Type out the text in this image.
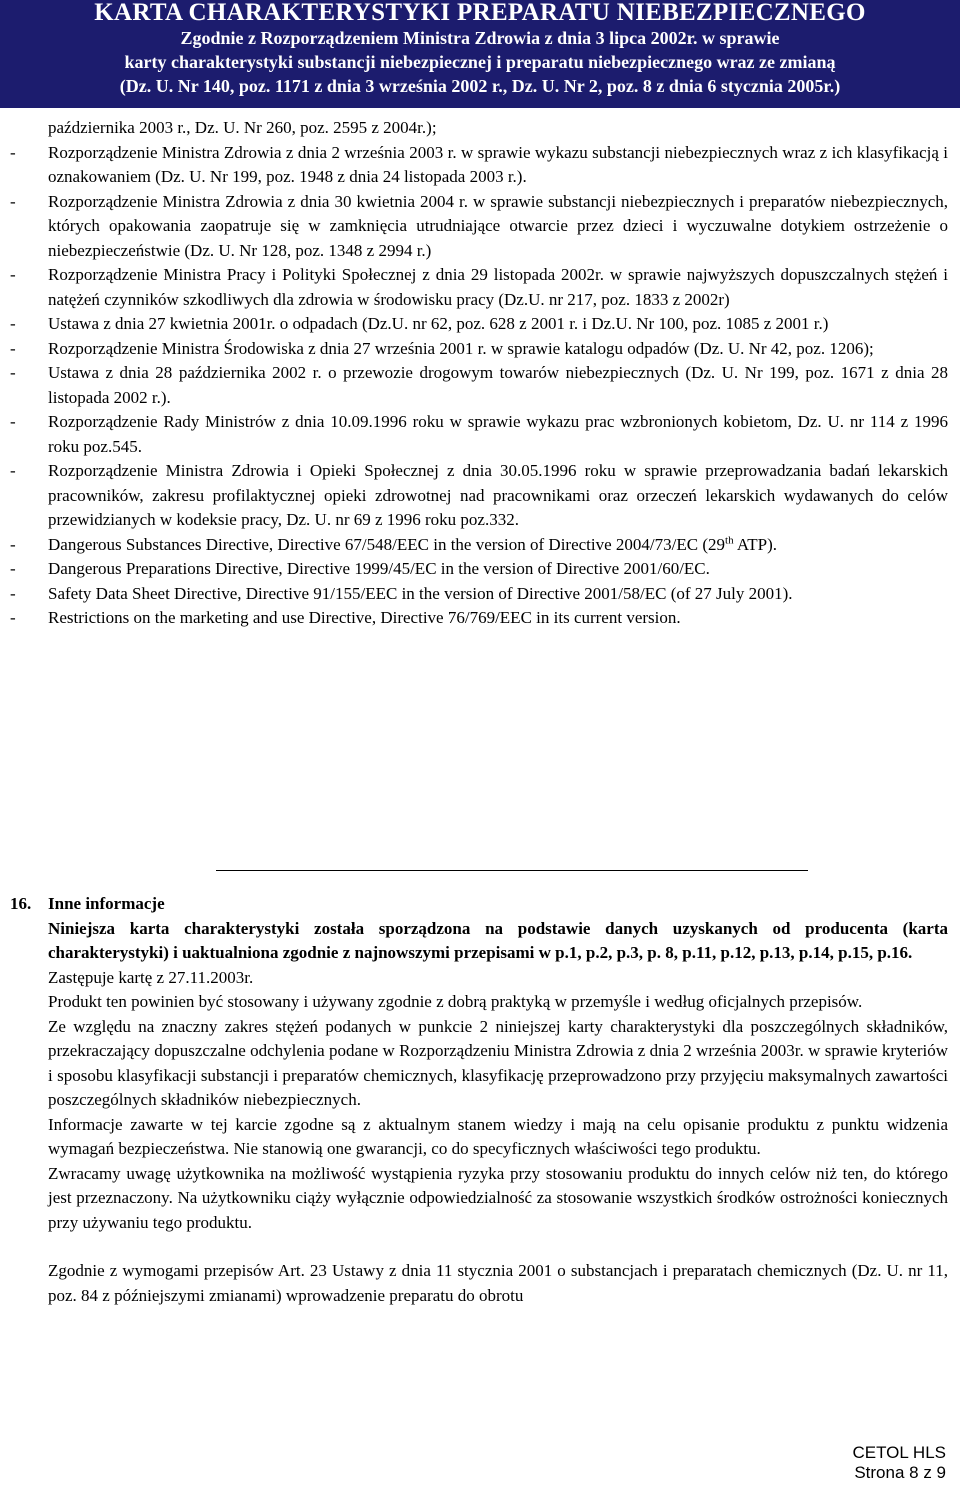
KARTA CHARAKTERYSTYKI PREPARATU NIEBEZPIECZNEGO
Zgodnie z Rozporządzeniem Ministra Zdrowia z dnia 3 lipca 2002r. w sprawie
karty charakterystyki substancji niebezpiecznej i preparatu niebezpiecznego wraz ze zmianą
(Dz. U. Nr 140, poz. 1171 z dnia 3 września 2002 r., Dz. U. Nr 2, poz. 8 z dnia 6 stycznia 2005r.)
października 2003 r., Dz. U. Nr 260, poz. 2595 z 2004r.);
- Rozporządzenie Ministra Zdrowia z dnia 2 września 2003 r. w sprawie wykazu substancji niebezpiecznych wraz z ich klasyfikacją i oznakowaniem (Dz. U. Nr 199, poz. 1948 z dnia 24 listopada 2003 r.).
- Rozporządzenie Ministra Zdrowia z dnia 30 kwietnia 2004 r. w sprawie substancji niebezpiecznych i preparatów niebezpiecznych, których opakowania zaopatruje się w zamknięcia utrudniające otwarcie przez dzieci i wyczuwalne dotykiem ostrzeżenie o niebezpieczeństwie (Dz. U. Nr 128, poz. 1348 z 2994 r.)
- Rozporządzenie Ministra Pracy i Polityki Społecznej z dnia 29 listopada 2002r. w sprawie najwyższych dopuszczalnych stężeń i natężeń czynników szkodliwych dla zdrowia w środowisku pracy (Dz.U. nr 217, poz. 1833 z 2002r)
- Ustawa z dnia 27 kwietnia 2001r. o odpadach (Dz.U. nr 62, poz. 628 z 2001 r. i Dz.U. Nr 100, poz. 1085 z 2001 r.)
- Rozporządzenie Ministra Środowiska z dnia 27 września 2001 r. w sprawie katalogu odpadów (Dz. U. Nr 42, poz. 1206);
- Ustawa z dnia 28 października 2002 r. o przewozie drogowym towarów niebezpiecznych (Dz. U. Nr 199, poz. 1671 z dnia 28 listopada 2002 r.).
- Rozporządzenie Rady Ministrów z dnia 10.09.1996 roku w sprawie wykazu prac wzbronionych kobietom, Dz. U. nr 114 z 1996 roku poz.545.
- Rozporządzenie Ministra Zdrowia i Opieki Społecznej z dnia 30.05.1996 roku w sprawie przeprowadzania badań lekarskich pracowników, zakresu profilaktycznej opieki zdrowotnej nad pracownikami oraz orzeczeń lekarskich wydawanych do celów przewidzianych w kodeksie pracy, Dz. U. nr 69 z 1996 roku poz.332.
- Dangerous Substances Directive, Directive 67/548/EEC in the version of Directive 2004/73/EC (29th ATP).
- Dangerous Preparations Directive, Directive 1999/45/EC in the version of Directive 2001/60/EC.
- Safety Data Sheet Directive, Directive 91/155/EEC in the version of Directive 2001/58/EC (of 27 July 2001).
- Restrictions on the marketing and use Directive, Directive 76/769/EEC in its current version.
16. Inne informacje

Niniejsza karta charakterystyki została sporządzona na podstawie danych uzyskanych od producenta (karta charakterystyki) i uaktualniona zgodnie z najnowszymi przepisami w p.1, p.2, p.3, p. 8, p.11, p.12, p.13, p.14, p.15, p.16.

Zastępuje kartę z 27.11.2003r.

Produkt ten powinien być stosowany i używany zgodnie z dobrą praktyką w przemyśle i według oficjalnych przepisów.

Ze względu na znaczny zakres stężeń podanych w punkcie 2 niniejszej karty charakterystyki dla poszczególnych składników, przekraczający dopuszczalne odchylenia podane w Rozporządzeniu Ministra Zdrowia z dnia 2 września 2003r. w sprawie kryteriów i sposobu klasyfikacji substancji i preparatów chemicznych, klasyfikację przeprowadzono przy przyjęciu maksymalnych zawartości poszczególnych składników niebezpiecznych.

Informacje zawarte w tej karcie zgodne są z aktualnym stanem wiedzy i mają na celu opisanie produktu z punktu widzenia wymagań bezpieczeństwa. Nie stanowią one gwarancji, co do specyficznych właściwości tego produktu.

Zwracamy uwagę użytkownika na możliwość wystąpienia ryzyka przy stosowaniu produktu do innych celów niż ten, do którego jest przeznaczony. Na użytkowniku ciąży wyłącznie odpowiedzialność za stosowanie wszystkich środków ostrożności koniecznych przy używaniu tego produktu.

Zgodnie z wymogami przepisów Art. 23 Ustawy z dnia 11 stycznia 2001 o substancjach i preparatach chemicznych (Dz. U. nr 11, poz. 84 z późniejszymi zmianami) wprowadzenie preparatu do obrotu

CETOL HLS
Strona 8 z 9
